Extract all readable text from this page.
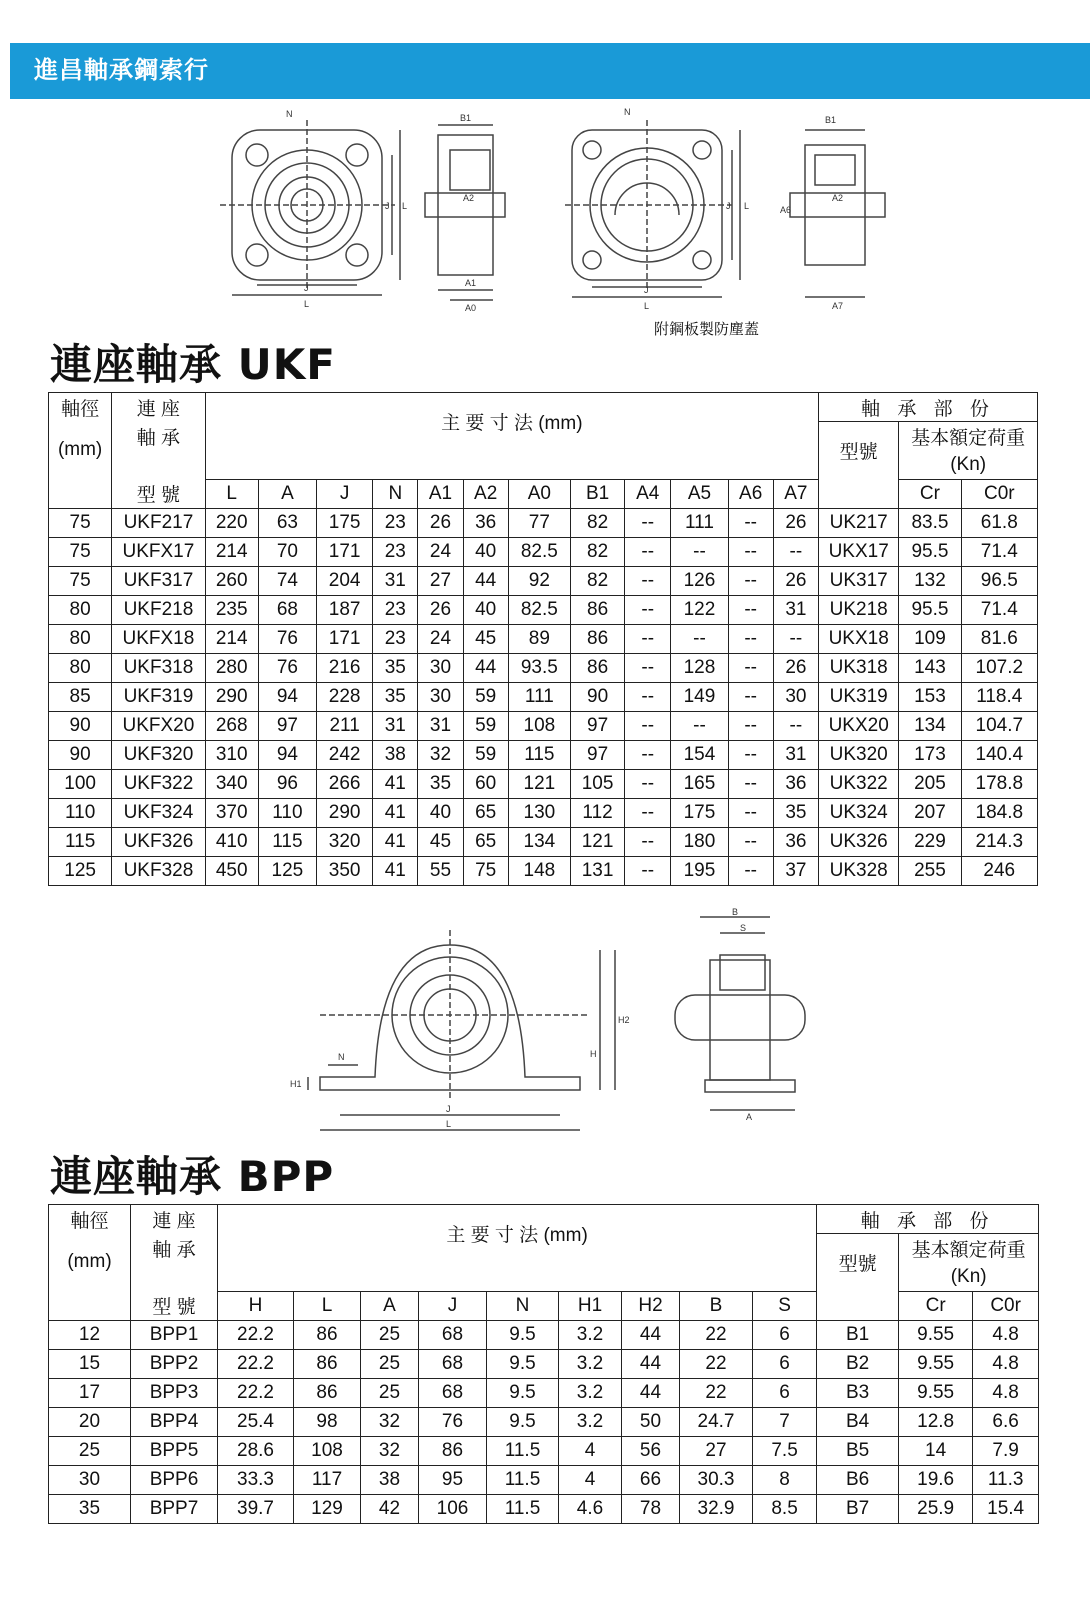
進昌軸承鋼索行
N
J L
J
L
B1
A2
A1
A0
N
J L
J
L
B1
A2
A6
A7
附鋼板製防塵蓋
連座軸承 UKF
軸徑	連 座	主 要 寸 法 (mm)												軸 承 部 份		
(mm)	軸 承													型號	基本額定荷重	
															(Kn)	
	型 號	L	A	J	N	A1	A2	A0	B1	A4	A5	A6	A7		Cr	C0r
75	UKF217	220	63	175	23	26	36	77	82	--	111	--	26	UK217	83.5	61.8
75	UKFX17	214	70	171	23	24	40	82.5	82	--	--	--	--	UKX17	95.5	71.4
75	UKF317	260	74	204	31	27	44	92	82	--	126	--	26	UK317	132	96.5
80	UKF218	235	68	187	23	26	40	82.5	86	--	122	--	31	UK218	95.5	71.4
80	UKFX18	214	76	171	23	24	45	89	86	--	--	--	--	UKX18	109	81.6
80	UKF318	280	76	216	35	30	44	93.5	86	--	128	--	26	UK318	143	107.2
85	UKF319	290	94	228	35	30	59	111	90	--	149	--	30	UK319	153	118.4
90	UKFX20	268	97	211	31	31	59	108	97	--	--	--	--	UKX20	134	104.7
90	UKF320	310	94	242	38	32	59	115	97	--	154	--	31	UK320	173	140.4
100	UKF322	340	96	266	41	35	60	121	105	--	165	--	36	UK322	205	178.8
110	UKF324	370	110	290	41	40	65	130	112	--	175	--	35	UK324	207	184.8
115	UKF326	410	115	320	41	45	65	134	121	--	180	--	36	UK326	229	214.3
125	UKF328	450	125	350	41	55	75	148	131	--	195	--	37	UK328	255	246
N
H1
J
L
H2
H
B
S
A
連座軸承 BPP
軸徑	連 座	主 要 寸 法 (mm)									軸 承 部 份		
(mm)	軸 承										型號	基本額定荷重	
												(Kn)	
	型 號	H	L	A	J	N	H1	H2	B	S		Cr	C0r
12	BPP1	22.2	86	25	68	9.5	3.2	44	22	6	B1	9.55	4.8
15	BPP2	22.2	86	25	68	9.5	3.2	44	22	6	B2	9.55	4.8
17	BPP3	22.2	86	25	68	9.5	3.2	44	22	6	B3	9.55	4.8
20	BPP4	25.4	98	32	76	9.5	3.2	50	24.7	7	B4	12.8	6.6
25	BPP5	28.6	108	32	86	11.5	4	56	27	7.5	B5	14	7.9
30	BPP6	33.3	117	38	95	11.5	4	66	30.3	8	B6	19.6	11.3
35	BPP7	39.7	129	42	106	11.5	4.6	78	32.9	8.5	B7	25.9	15.4
